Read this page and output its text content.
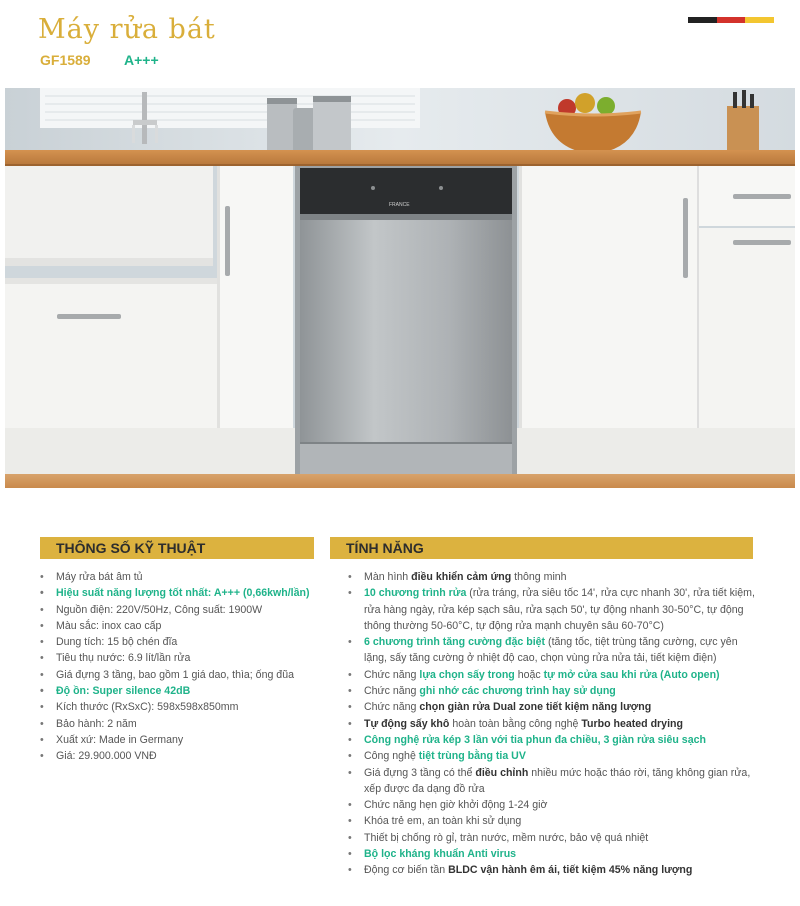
Máy rửa bát
GF1589 A+++
FRANCE
THÔNG SỐ KỸ THUẬT
• Máy rửa bát âm tủ
• Hiệu suất năng lượng tốt nhất: A+++ (0,66kwh/lần)
• Nguồn điện: 220V/50Hz, Công suất: 1900W
• Màu sắc: inox cao cấp
• Dung tích: 15 bộ chén đĩa
• Tiêu thụ nước: 6.9 lít/lần rửa
• Giá đựng 3 tầng, bao gồm 1 giá dao, thìa; ống đũa
• Độ ồn: Super silence 42dB
• Kích thước (RxSxC): 598x598x850mm
• Bảo hành: 2 năm
• Xuất xứ: Made in Germany
• Giá: 29.900.000 VNĐ
TÍNH NĂNG
• Màn hình điều khiển cảm ứng thông minh
• 10 chương trình rửa (rửa tráng, rửa siêu tốc 14', rửa cực nhanh 30', rửa tiết kiệm, rửa hàng ngày, rửa kép sạch sâu, rửa sạch 50', tự động nhanh 30-50°C, tự động thông thường 50-60°C, tự động rửa mạnh chuyên sâu 60-70°C)
• 6 chương trình tăng cường đặc biệt (tăng tốc, tiệt trùng tăng cường, cực yên lặng, sấy tăng cường ở nhiệt độ cao, chọn vùng rửa nửa tải, tiết kiệm điện)
• Chức năng lựa chọn sấy trong hoặc tự mở cửa sau khi rửa (Auto open)
• Chức năng ghi nhớ các chương trình hay sử dụng
• Chức năng chọn giàn rửa Dual zone tiết kiệm năng lượng
• Tự động sấy khô hoàn toàn bằng công nghệ Turbo heated drying
• Công nghệ rửa kép 3 lần với tia phun đa chiều, 3 giàn rửa siêu sạch
• Công nghệ tiệt trùng bằng tia UV
• Giá đựng 3 tầng có thể điều chỉnh nhiều mức hoặc tháo rời, tăng không gian rửa, xếp được đa dạng đồ rửa
• Chức năng hẹn giờ khởi động 1-24 giờ
• Khóa trẻ em, an toàn khi sử dụng
• Thiết bị chống rò gỉ, tràn nước, mềm nước, bảo vệ quá nhiệt
• Bộ lọc kháng khuẩn Anti virus
• Động cơ biến tần BLDC vận hành êm ái, tiết kiệm 45% năng lượng
